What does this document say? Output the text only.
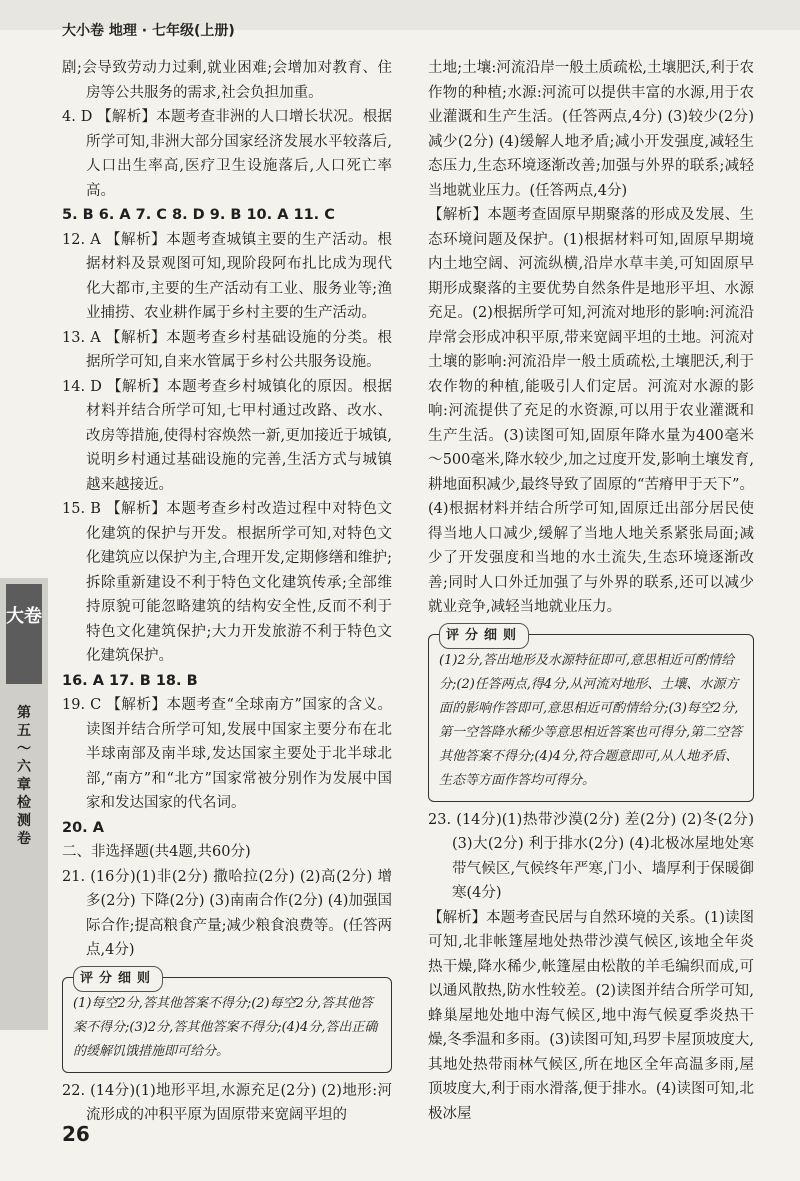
大小卷 地理 · 七年级(上册)
大卷
第五～六章检测卷

剧;会导致劳动力过剩,就业困难;会增加对教育、住房等公共服务的需求,社会负担加重。

4. D 【解析】本题考查非洲的人口增长状况。根据所学可知,非洲大部分国家经济发展水平较落后,人口出生率高,医疗卫生设施落后,人口死亡率高。

5. B 6. A 7. C 8. D 9. B 10. A 11. C

12. A 【解析】本题考查城镇主要的生产活动。根据材料及景观图可知,现阶段阿布扎比成为现代化大都市,主要的生产活动有工业、服务业等;渔业捕捞、农业耕作属于乡村主要的生产活动。

13. A 【解析】本题考查乡村基础设施的分类。根据所学可知,自来水管属于乡村公共服务设施。

14. D 【解析】本题考查乡村城镇化的原因。根据材料并结合所学可知,七甲村通过改路、改水、改房等措施,使得村容焕然一新,更加接近于城镇,说明乡村通过基础设施的完善,生活方式与城镇越来越接近。

15. B 【解析】本题考查乡村改造过程中对特色文化建筑的保护与开发。根据所学可知,对特色文化建筑应以保护为主,合理开发,定期修缮和维护;拆除重新建设不利于特色文化建筑传承;全部维持原貌可能忽略建筑的结构安全性,反而不利于特色文化建筑保护;大力开发旅游不利于特色文化建筑保护。

16. A 17. B 18. B

19. C 【解析】本题考查“全球南方”国家的含义。读图并结合所学可知,发展中国家主要分布在北半球南部及南半球,发达国家主要处于北半球北部,“南方”和“北方”国家常被分别作为发展中国家和发达国家的代名词。

20. A

二、非选择题(共4题,共60分)

21. (16分)(1)非(2分) 撒哈拉(2分) (2)高(2分) 增多(2分) 下降(2分) (3)南南合作(2分) (4)加强国际合作;提高粮食产量;减少粮食浪费等。(任答两点,4分)

评分细则
(1)每空2分,答其他答案不得分;(2)每空2分,答其他答案不得分;(3)2分,答其他答案不得分;(4)4分,答出正确的缓解饥饿措施即可给分。

22. (14分)(1)地形平坦,水源充足(2分) (2)地形:河流形成的冲积平原为固原带来宽阔平坦的

土地;土壤:河流沿岸一般土质疏松,土壤肥沃,利于农作物的种植;水源:河流可以提供丰富的水源,用于农业灌溉和生产生活。(任答两点,4分) (3)较少(2分) 减少(2分) (4)缓解人地矛盾;减小开发强度,减轻生态压力,生态环境逐渐改善;加强与外界的联系;减轻当地就业压力。(任答两点,4分)

【解析】本题考查固原早期聚落的形成及发展、生态环境问题及保护。(1)根据材料可知,固原早期境内土地空阔、河流纵横,沿岸水草丰美,可知固原早期形成聚落的主要优势自然条件是地形平坦、水源充足。(2)根据所学可知,河流对地形的影响:河流沿岸常会形成冲积平原,带来宽阔平坦的土地。河流对土壤的影响:河流沿岸一般土质疏松,土壤肥沃,利于农作物的种植,能吸引人们定居。河流对水源的影响:河流提供了充足的水资源,可以用于农业灌溉和生产生活。(3)读图可知,固原年降水量为400毫米～500毫米,降水较少,加之过度开发,影响土壤发育,耕地面积减少,最终导致了固原的“苦瘠甲于天下”。(4)根据材料并结合所学可知,固原迁出部分居民使得当地人口减少,缓解了当地人地关系紧张局面;减少了开发强度和当地的水土流失,生态环境逐渐改善;同时人口外迁加强了与外界的联系,还可以减少就业竞争,减轻当地就业压力。

评分细则
(1)2分,答出地形及水源特征即可,意思相近可酌情给分;(2)任答两点,得4分,从河流对地形、土壤、水源方面的影响作答即可,意思相近可酌情给分;(3)每空2分,第一空答降水稀少等意思相近答案也可得分,第二空答其他答案不得分;(4)4分,符合题意即可,从人地矛盾、生态等方面作答均可得分。

23. (14分)(1)热带沙漠(2分) 差(2分) (2)冬(2分) (3)大(2分) 利于排水(2分) (4)北极冰屋地处寒带气候区,气候终年严寒,门小、墙厚利于保暖御寒(4分)

【解析】本题考查民居与自然环境的关系。(1)读图可知,北非帐篷屋地处热带沙漠气候区,该地全年炎热干燥,降水稀少,帐篷屋由松散的羊毛编织而成,可以通风散热,防水性较差。(2)读图并结合所学可知,蜂巢屋地处地中海气候区,地中海气候夏季炎热干燥,冬季温和多雨。(3)读图可知,玛罗卡屋顶坡度大,其地处热带雨林气候区,所在地区全年高温多雨,屋顶坡度大,利于雨水滑落,便于排水。(4)读图可知,北极冰屋

26
